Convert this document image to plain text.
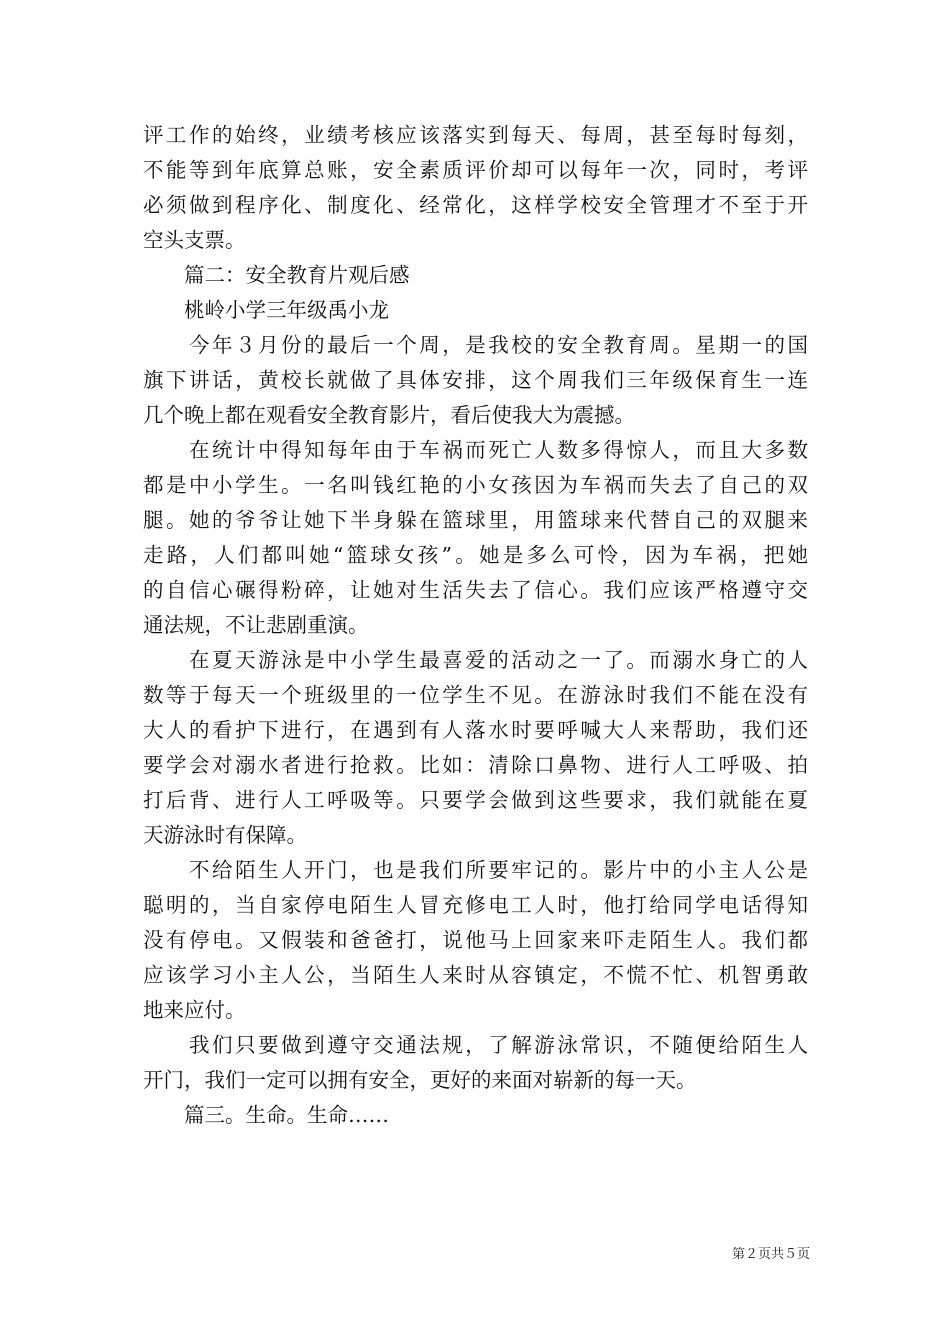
评工作的始终，业绩考核应该落实到每天、每周，甚至每时每刻，
不能等到年底算总账，安全素质评价却可以每年一次，同时，考评
必须做到程序化、制度化、经常化，这样学校安全管理才不至于开
空头支票。
　　篇二：安全教育片观后感
　　桃岭小学三年级禹小龙
　　今年３月份的最后一个周，是我校的安全教育周。星期一的国
旗下讲话，黄校长就做了具体安排，这个周我们三年级保育生一连
几个晚上都在观看安全教育影片，看后使我大为震撼。
　　在统计中得知每年由于车祸而死亡人数多得惊人，而且大多数
都是中小学生。一名叫钱红艳的小女孩因为车祸而失去了自己的双
腿。她的爷爷让她下半身躲在篮球里，用篮球来代替自己的双腿来
走路，人们都叫她“篮球女孩”。她是多么可怜，因为车祸，把她
的自信心碾得粉碎，让她对生活失去了信心。我们应该严格遵守交
通法规，不让悲剧重演。
　　在夏天游泳是中小学生最喜爱的活动之一了。而溺水身亡的人
数等于每天一个班级里的一位学生不见。在游泳时我们不能在没有
大人的看护下进行，在遇到有人落水时要呼喊大人来帮助，我们还
要学会对溺水者进行抢救。比如：清除口鼻物、进行人工呼吸、拍
打后背、进行人工呼吸等。只要学会做到这些要求，我们就能在夏
天游泳时有保障。
　　不给陌生人开门，也是我们所要牢记的。影片中的小主人公是
聪明的，当自家停电陌生人冒充修电工人时，他打给同学电话得知
没有停电。又假装和爸爸打，说他马上回家来吓走陌生人。我们都
应该学习小主人公，当陌生人来时从容镇定，不慌不忙、机智勇敢
地来应付。
　　我们只要做到遵守交通法规，了解游泳常识，不随便给陌生人
开门，我们一定可以拥有安全，更好的来面对崭新的每一天。
　　篇三。生命。生命……
第２页共５页
